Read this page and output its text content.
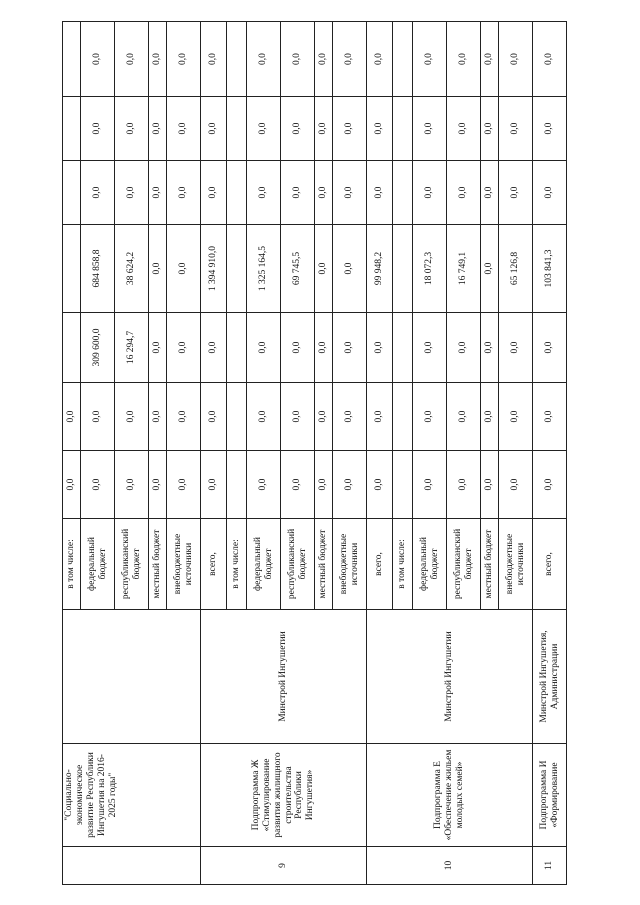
	"Социально-экономическое развитие Республики Ингушетия на 2016-2025 годы"		в том числе:	0,0	0,0					
			федеральный бюджет	0,0	0,0	309 600,0	684 858,8	0,0	0,0	0,0
			республиканский бюджет	0,0	0,0	16 294,7	38 624,2	0,0	0,0	0,0
			местный бюджет	0,0	0,0	0,0	0,0	0,0	0,0	0,0
			внебюджетные источники	0,0	0,0	0,0	0,0	0,0	0,0	0,0
9	Подпрограмма Ж «Стимулирование развития жилищного строительства Республики Ингушетия»	Минстрой Ингушетии	всего,	0,0	0,0	0,0	1 394 910,0	0,0	0,0	0,0
			в том числе:							
			федеральный бюджет	0,0	0,0	0,0	1 325 164,5	0,0	0,0	0,0
			республиканский бюджет	0,0	0,0	0,0	69 745,5	0,0	0,0	0,0
			местный бюджет	0,0	0,0	0,0	0,0	0,0	0,0	0,0
			внебюджетные источники	0,0	0,0	0,0	0,0	0,0	0,0	0,0
10	Подпрограмма Е «Обеспечение жильем молодых семей»	Минстрой Ингушетии	всего,	0,0	0,0	0,0	99 948,2	0,0	0,0	0,0
			в том числе:							
			федеральный бюджет	0,0	0,0	0,0	18 072,3	0,0	0,0	0,0
			республиканский бюджет	0,0	0,0	0,0	16 749,1	0,0	0,0	0,0
			местный бюджет	0,0	0,0	0,0	0,0	0,0	0,0	0,0
			внебюджетные источники	0,0	0,0	0,0	65 126,8	0,0	0,0	0,0
11	Подпрограмма И «Формирование	Минстрой Ингушетия, Администрации	всего,	0,0	0,0	0,0	103 841,3	0,0	0,0	0,0
